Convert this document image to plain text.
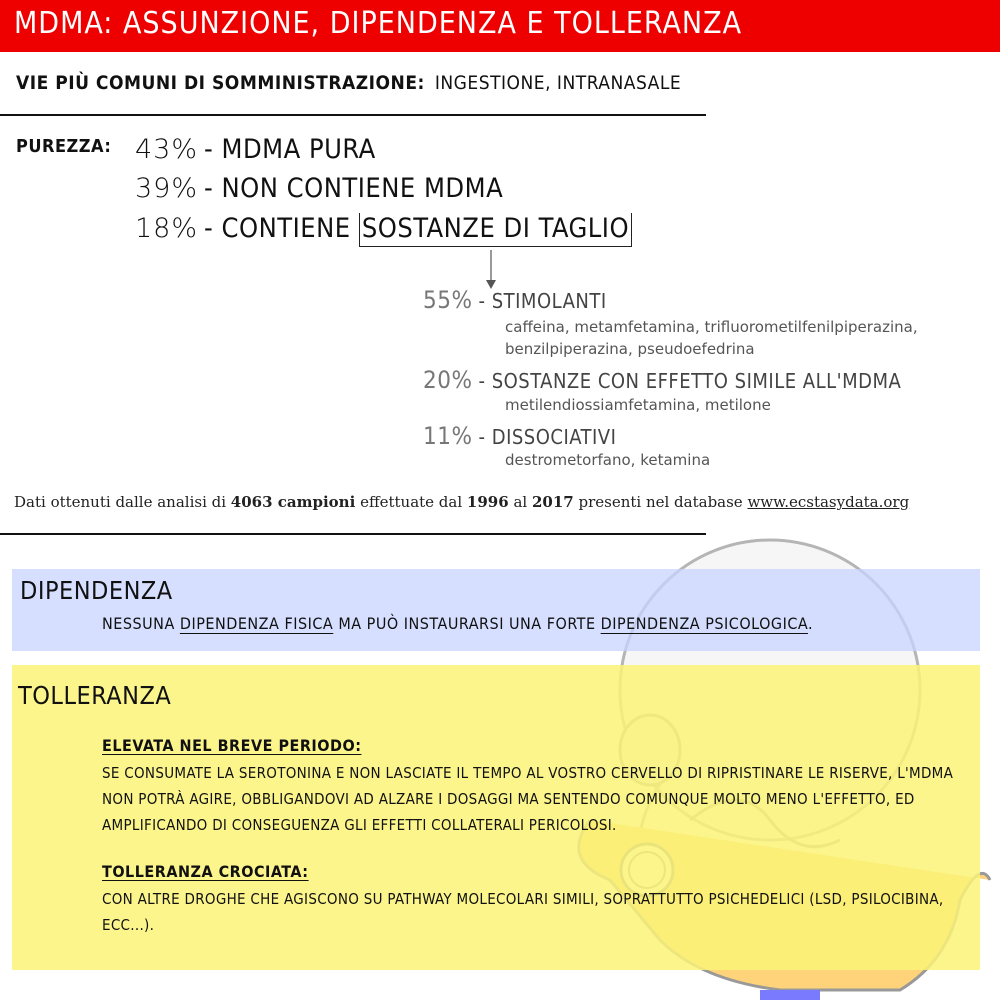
MDMA: ASSUNZIONE, DIPENDENZA E TOLLERANZA
VIE PIÙ COMUNI DI SOMMINISTRAZIONE: INGESTIONE, INTRANASALE
PUREZZA: 43% - MDMA PURA
39% - NON CONTIENE MDMA
18% - CONTIENE SOSTANZE DI TAGLIO
55% - STIMOLANTI
caffeina, metamfetamina, trifluorometilfenilpiperazina,
benzilpiperazina, pseudoefedrina
20% - SOSTANZE CON EFFETTO SIMILE ALL'MDMA
metilendiossiamfetamina, metilone
11% - DISSOCIATIVI
destrometorfano, ketamina
Dati ottenuti dalle analisi di 4063 campioni effettuate dal 1996 al 2017 presenti nel database www.ecstasydata.org
DIPENDENZA
NESSUNA DIPENDENZA FISICA MA PUÒ INSTAURARSI UNA FORTE DIPENDENZA PSICOLOGICA.
TOLLERANZA
ELEVATA NEL BREVE PERIODO:
SE CONSUMATE LA SEROTONINA E NON LASCIATE IL TEMPO AL VOSTRO CERVELLO DI RIPRISTINARE LE RISERVE, L'MDMA NON POTRÀ AGIRE, OBBLIGANDOVI AD ALZARE I DOSAGGI MA SENTENDO COMUNQUE MOLTO MENO L'EFFETTO, ED AMPLIFICANDO DI CONSEGUENZA GLI EFFETTI COLLATERALI PERICOLOSI.
TOLLERANZA CROCIATA:
CON ALTRE DROGHE CHE AGISCONO SU PATHWAY MOLECOLARI SIMILI, SOPRATTUTTO PSICHEDELICI (LSD, PSILOCIBINA, ECC...).
